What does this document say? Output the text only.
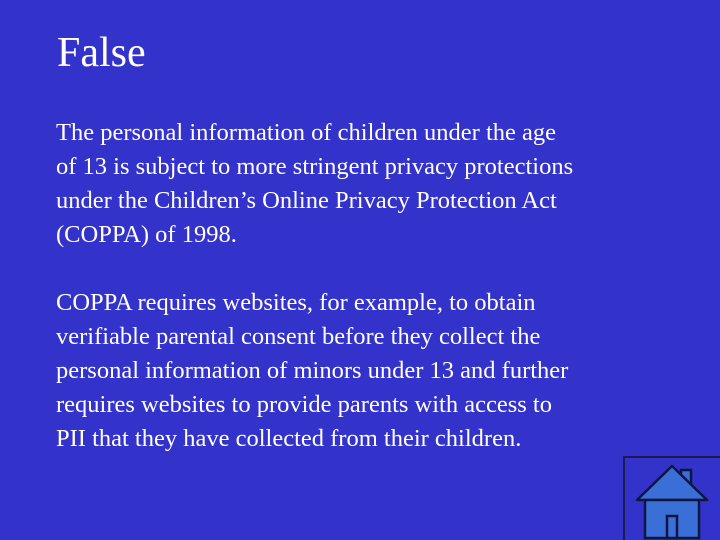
False

The personal information of children under the age
of 13 is subject to more stringent privacy protections
under the Children’s Online Privacy Protection Act
(COPPA) of 1998.

COPPA requires websites, for example, to obtain
verifiable parental consent before they collect the
personal information of minors under 13 and further
requires websites to provide parents with access to
PII that they have collected from their children.
